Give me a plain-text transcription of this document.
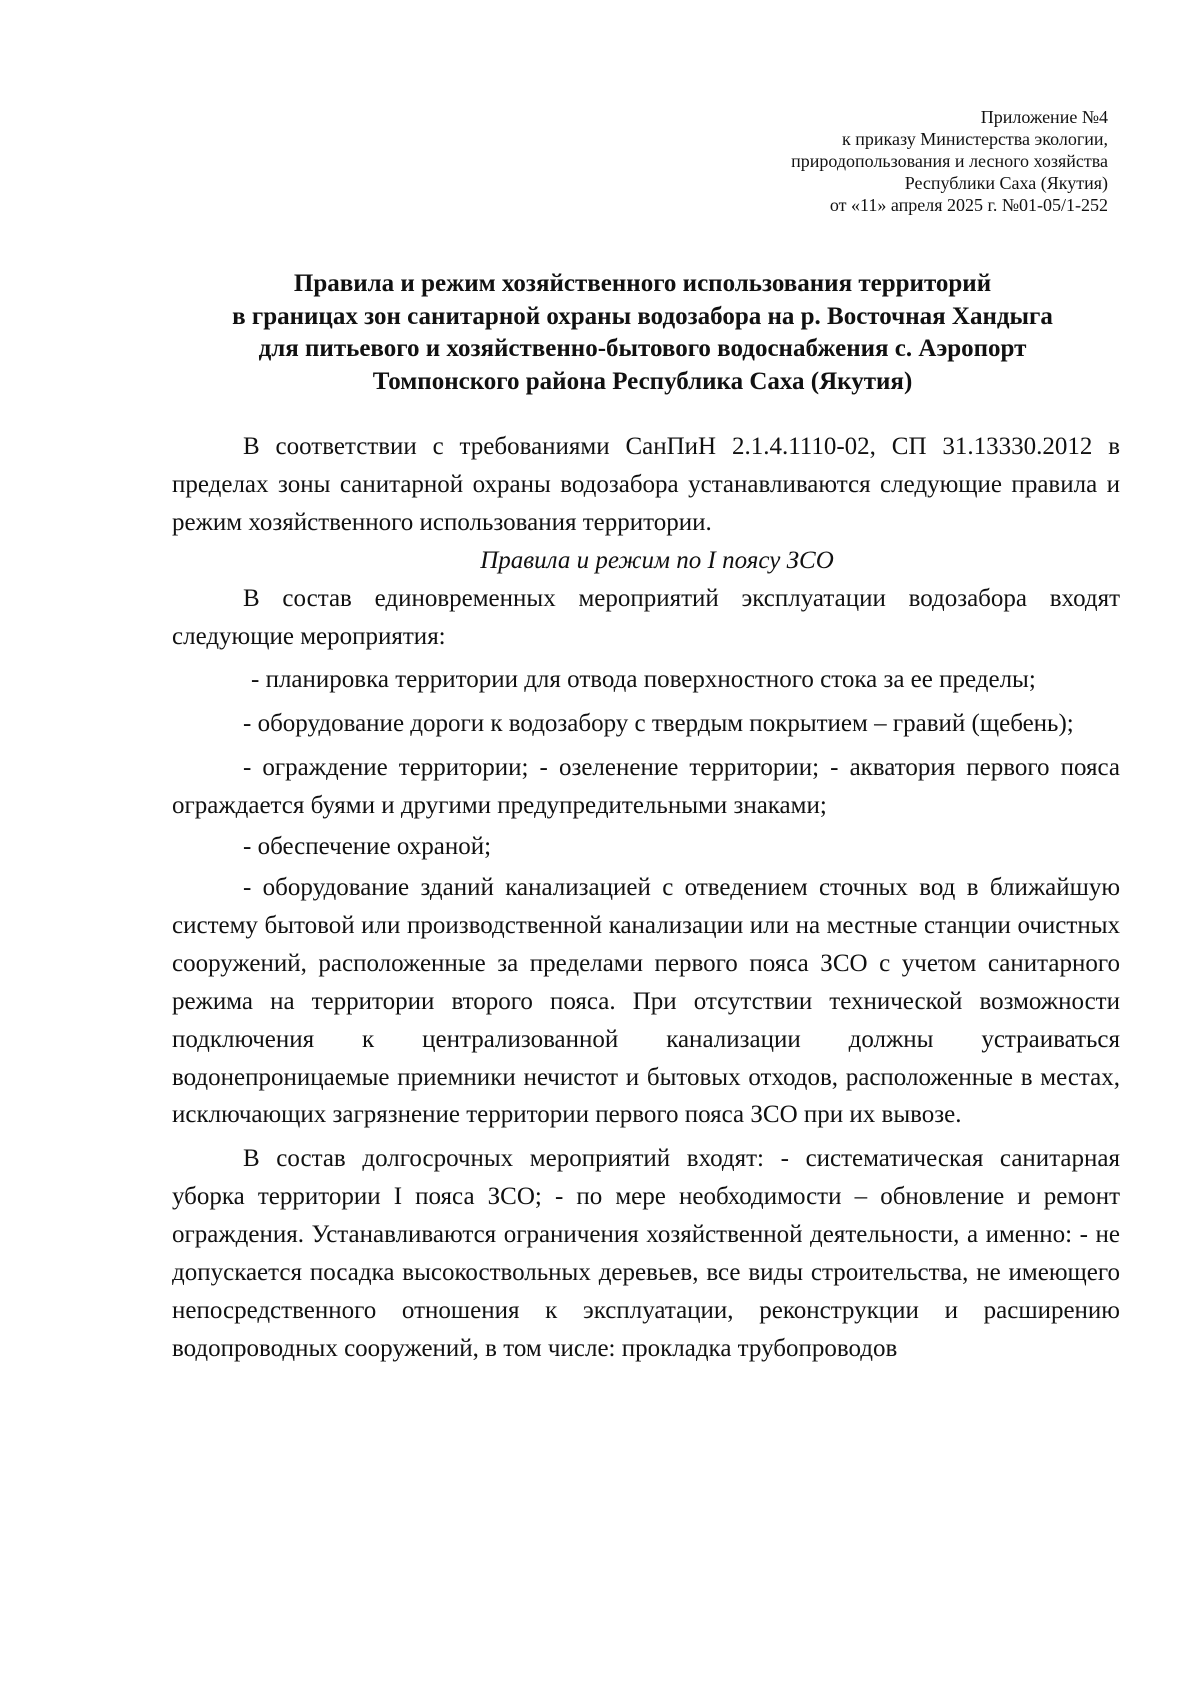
Приложение №4
к приказу Министерства экологии,
природопользования и лесного хозяйства
Республики Саха (Якутия)
от «11» апреля 2025 г. №01-05/1-252
Правила и режим хозяйственного использования территорий
в границах зон санитарной охраны водозабора на р. Восточная Хандыга
для питьевого и хозяйственно-бытового водоснабжения с. Аэропорт
Томпонского района Республика Саха (Якутия)

В соответствии с требованиями СанПиН 2.1.4.1110-02, СП 31.13330.2012 в пределах зоны санитарной охраны водозабора устанавливаются следующие правила и режим хозяйственного использования территории.

Правила и режим по I поясу ЗСО

В состав единовременных мероприятий эксплуатации водозабора входят следующие мероприятия:

- планировка территории для отвода поверхностного стока за ее пределы;

- оборудование дороги к водозабору с твердым покрытием – гравий (щебень);

- ограждение территории; - озеленение территории; - акватория первого пояса ограждается буями и другими предупредительными знаками;

- обеспечение охраной;

- оборудование зданий канализацией с отведением сточных вод в ближайшую систему бытовой или производственной канализации или на местные станции очистных сооружений, расположенные за пределами первого пояса ЗСО с учетом санитарного режима на территории второго пояса. При отсутствии технической возможности подключения к централизованной канализации должны устраиваться водонепроницаемые приемники нечистот и бытовых отходов, расположенные в местах, исключающих загрязнение территории первого пояса ЗСО при их вывозе.

В состав долгосрочных мероприятий входят: - систематическая санитарная уборка территории I пояса ЗСО; - по мере необходимости – обновление и ремонт ограждения. Устанавливаются ограничения хозяйственной деятельности, а именно: - не допускается посадка высокоствольных деревьев, все виды строительства, не имеющего непосредственного отношения к эксплуатации, реконструкции и расширению водопроводных сооружений, в том числе: прокладка трубопроводов
